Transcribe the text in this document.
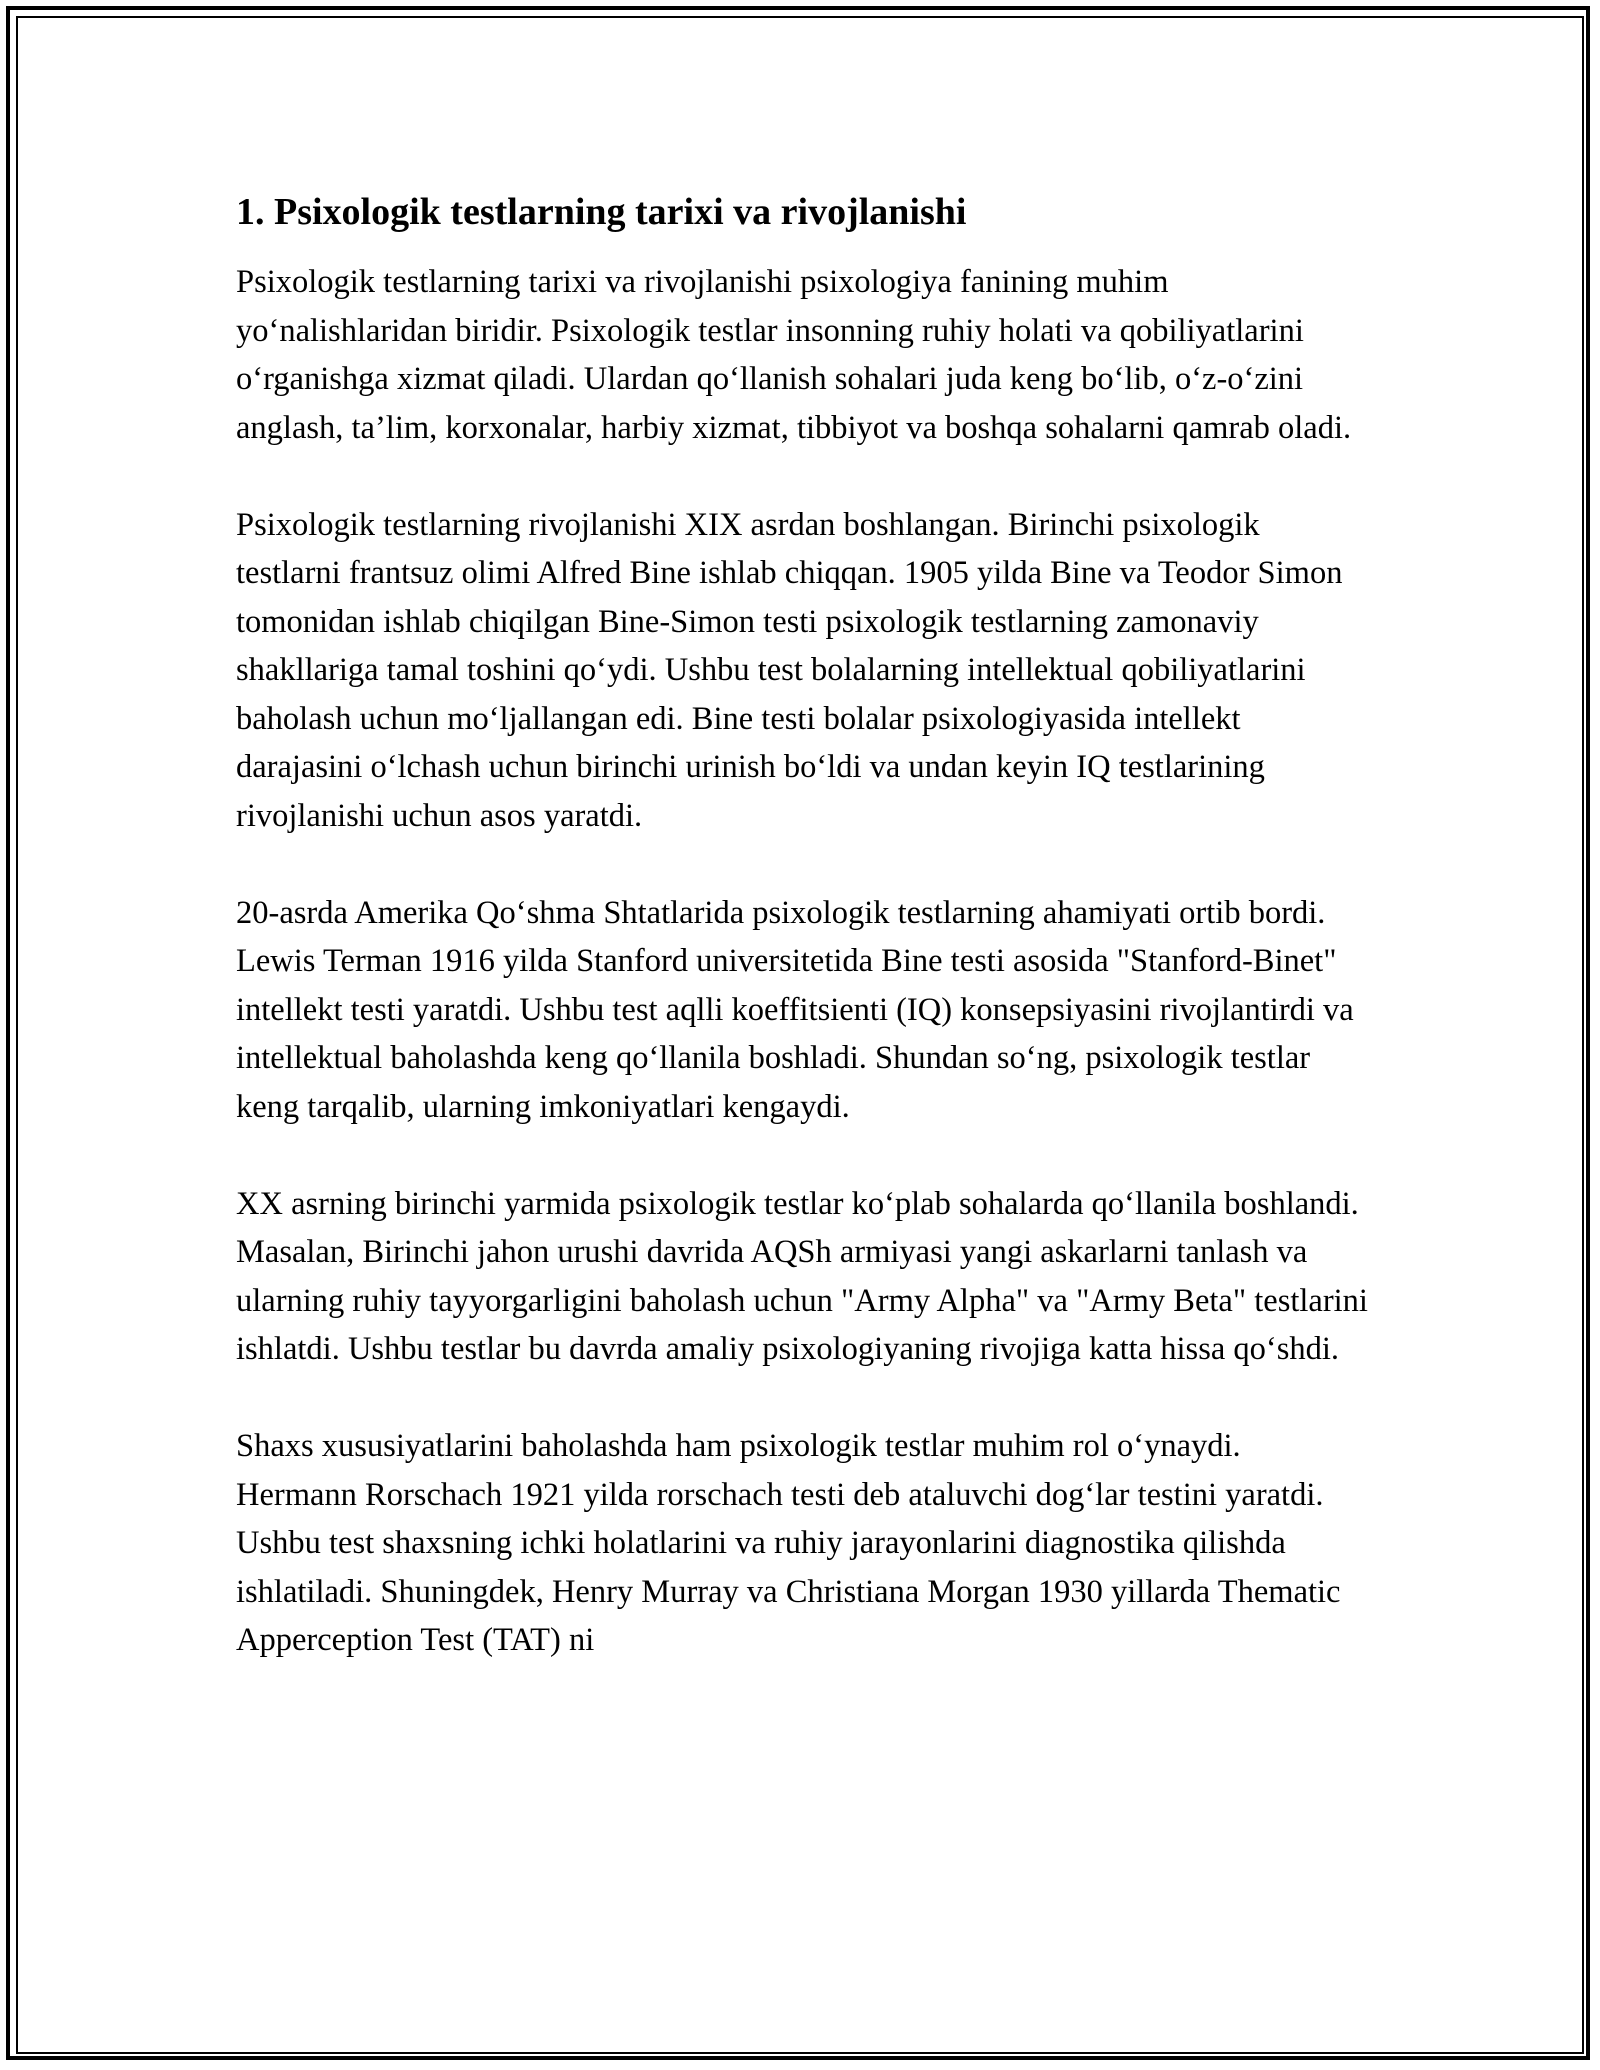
1. Psixologik testlarning tarixi va rivojlanishi

Psixologik testlarning tarixi va rivojlanishi psixologiya fanining muhim yo‘nalishlaridan biridir. Psixologik testlar insonning ruhiy holati va qobiliyatlarini o‘rganishga xizmat qiladi. Ulardan qo‘llanish sohalari juda keng bo‘lib, o‘z-o‘zini anglash, ta’lim, korxonalar, harbiy xizmat, tibbiyot va boshqa sohalarni qamrab oladi.

Psixologik testlarning rivojlanishi XIX asrdan boshlangan. Birinchi psixologik testlarni frantsuz olimi Alfred Bine ishlab chiqqan. 1905 yilda Bine va Teodor Simon tomonidan ishlab chiqilgan Bine-Simon testi psixologik testlarning zamonaviy shakllariga tamal toshini qo‘ydi. Ushbu test bolalarning intellektual qobiliyatlarini baholash uchun mo‘ljallangan edi. Bine testi bolalar psixologiyasida intellekt darajasini o‘lchash uchun birinchi urinish bo‘ldi va undan keyin IQ testlarining rivojlanishi uchun asos yaratdi.

20-asrda Amerika Qo‘shma Shtatlarida psixologik testlarning ahamiyati ortib bordi. Lewis Terman 1916 yilda Stanford universitetida Bine testi asosida "Stanford-Binet" intellekt testi yaratdi. Ushbu test aqlli koeffitsienti (IQ) konsepsiyasini rivojlantirdi va intellektual baholashda keng qo‘llanila boshladi. Shundan so‘ng, psixologik testlar keng tarqalib, ularning imkoniyatlari kengaydi.

XX asrning birinchi yarmida psixologik testlar ko‘plab sohalarda qo‘llanila boshlandi. Masalan, Birinchi jahon urushi davrida AQSh armiyasi yangi askarlarni tanlash va ularning ruhiy tayyorgarligini baholash uchun "Army Alpha" va "Army Beta" testlarini ishlatdi. Ushbu testlar bu davrda amaliy psixologiyaning rivojiga katta hissa qo‘shdi.

Shaxs xususiyatlarini baholashda ham psixologik testlar muhim rol o‘ynaydi. Hermann Rorschach 1921 yilda rorschach testi deb ataluvchi dog‘lar testini yaratdi. Ushbu test shaxsning ichki holatlarini va ruhiy jarayonlarini diagnostika qilishda ishlatiladi. Shuningdek, Henry Murray va Christiana Morgan 1930 yillarda Thematic Apperception Test (TAT) ni
